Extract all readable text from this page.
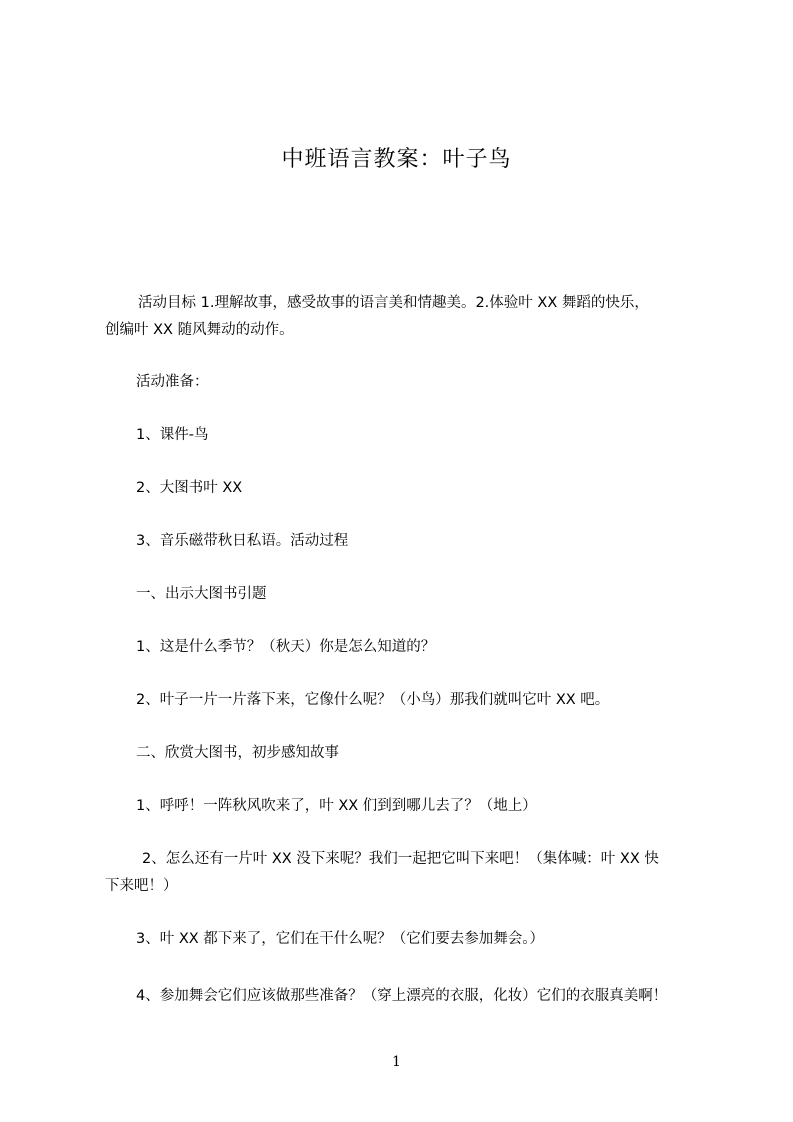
中班语言教案：叶子鸟
活动目标 1.理解故事，感受故事的语言美和情趣美。2.体验叶 XX 舞蹈的快乐，
创编叶 XX 随风舞动的动作。
活动准备：
1、课件-鸟
2、大图书叶 XX
3、音乐磁带秋日私语。活动过程
一、出示大图书引题
1、这是什么季节？（秋天）你是怎么知道的？
2、叶子一片一片落下来，它像什么呢？（小鸟）那我们就叫它叶 XX 吧。
二、欣赏大图书，初步感知故事
1、呼呼！一阵秋风吹来了，叶 XX 们到到哪儿去了？（地上）
2、怎么还有一片叶 XX 没下来呢？我们一起把它叫下来吧！（集体喊：叶 XX 快
下来吧！）
3、叶 XX 都下来了，它们在干什么呢？（它们要去参加舞会。）
4、参加舞会它们应该做那些准备？（穿上漂亮的衣服，化妆）它们的衣服真美啊！
1
